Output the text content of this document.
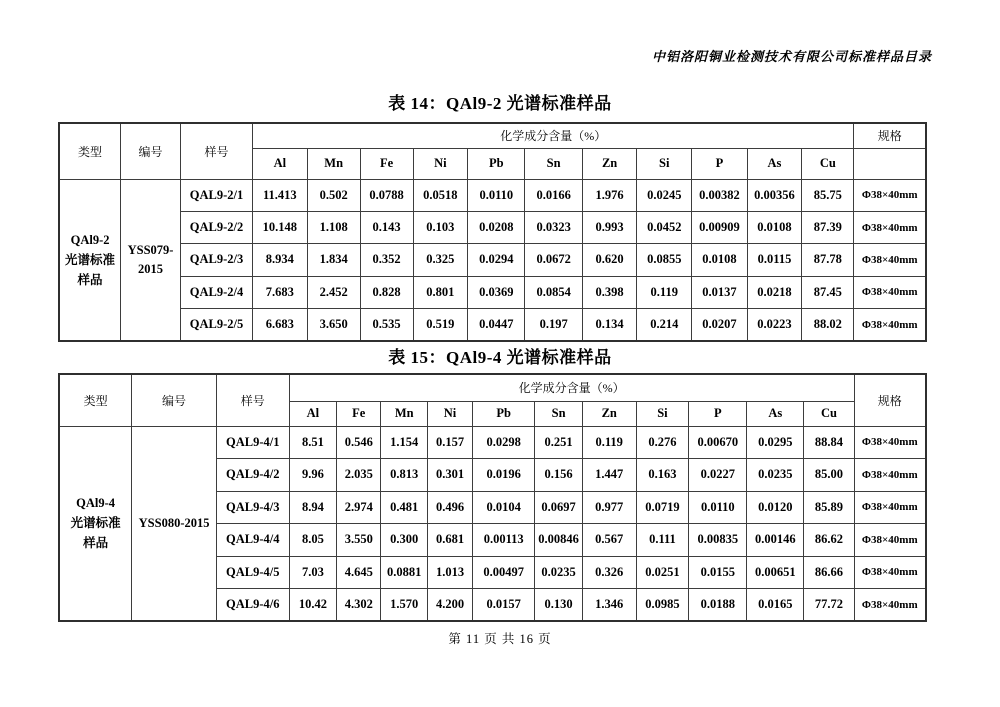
中铝洛阳铜业检测技术有限公司标准样品目录
表 14：QAl9-2 光谱标准样品
类型	编号	样号	化学成分含量（%）											规格
			Al	Mn	Fe	Ni	Pb	Sn	Zn	Si	P	As	Cu	
QAl9-2
光谱标准
样品	YSS079-
2015	QAL9-2/1	11.413	0.502	0.0788	0.0518	0.0110	0.0166	1.976	0.0245	0.00382	0.00356	85.75	Φ38×40mm
		QAL9-2/2	10.148	1.108	0.143	0.103	0.0208	0.0323	0.993	0.0452	0.00909	0.0108	87.39	Φ38×40mm
		QAL9-2/3	8.934	1.834	0.352	0.325	0.0294	0.0672	0.620	0.0855	0.0108	0.0115	87.78	Φ38×40mm
		QAL9-2/4	7.683	2.452	0.828	0.801	0.0369	0.0854	0.398	0.119	0.0137	0.0218	87.45	Φ38×40mm
		QAL9-2/5	6.683	3.650	0.535	0.519	0.0447	0.197	0.134	0.214	0.0207	0.0223	88.02	Φ38×40mm
表 15：QAl9-4 光谱标准样品
类型	编号	样号	化学成分含量（%）											规格
			Al	Fe	Mn	Ni	Pb	Sn	Zn	Si	P	As	Cu	
QAl9-4
光谱标准
样品	YSS080-2015	QAL9-4/1	8.51	0.546	1.154	0.157	0.0298	0.251	0.119	0.276	0.00670	0.0295	88.84	Φ38×40mm
		QAL9-4/2	9.96	2.035	0.813	0.301	0.0196	0.156	1.447	0.163	0.0227	0.0235	85.00	Φ38×40mm
		QAL9-4/3	8.94	2.974	0.481	0.496	0.0104	0.0697	0.977	0.0719	0.0110	0.0120	85.89	Φ38×40mm
		QAL9-4/4	8.05	3.550	0.300	0.681	0.00113	0.00846	0.567	0.111	0.00835	0.00146	86.62	Φ38×40mm
		QAL9-4/5	7.03	4.645	0.0881	1.013	0.00497	0.0235	0.326	0.0251	0.0155	0.00651	86.66	Φ38×40mm
		QAL9-4/6	10.42	4.302	1.570	4.200	0.0157	0.130	1.346	0.0985	0.0188	0.0165	77.72	Φ38×40mm
第 11 页 共 16 页
